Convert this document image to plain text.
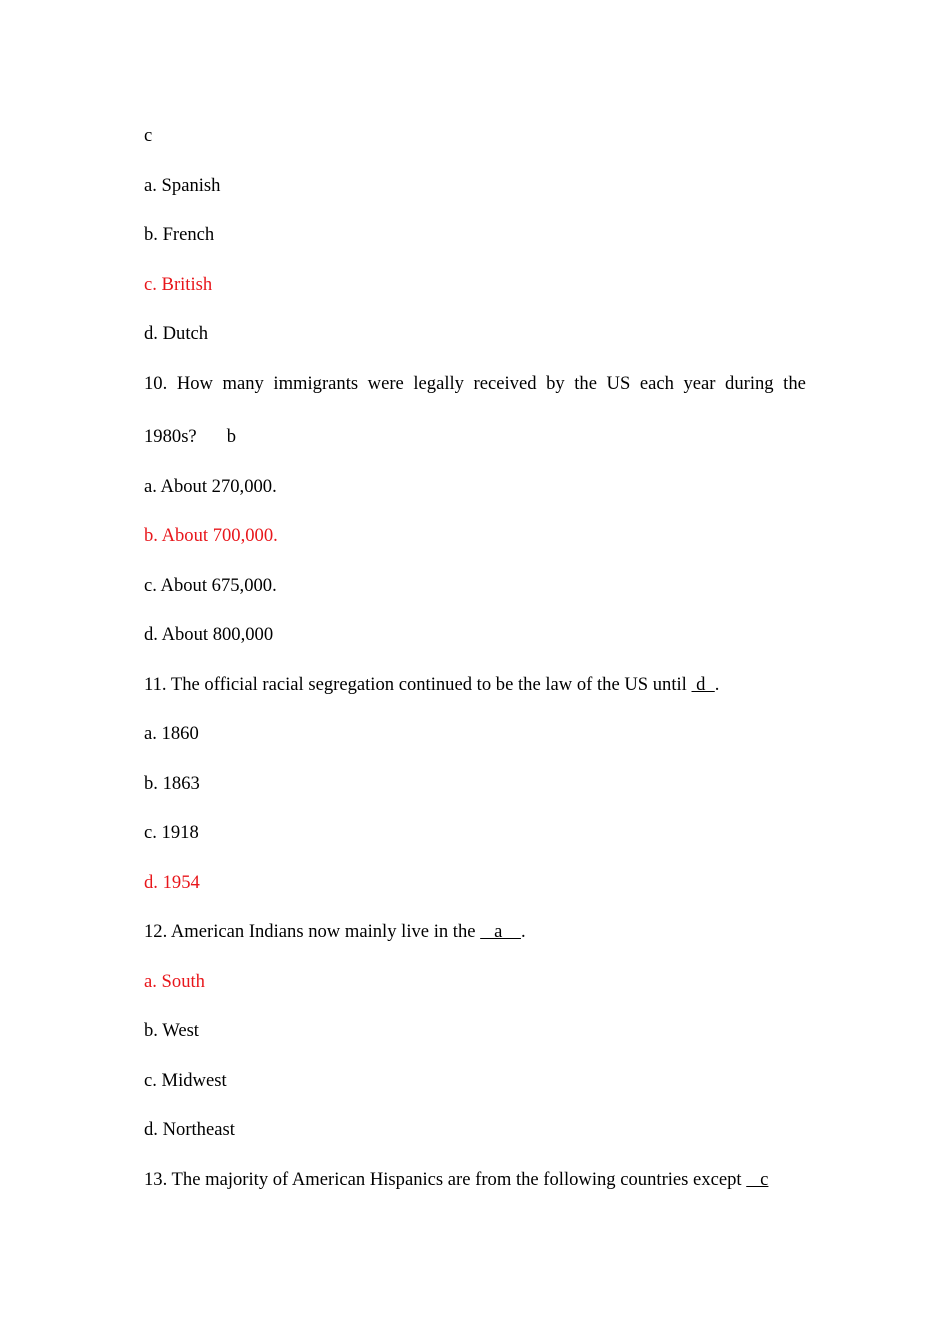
c
a. Spanish
b. French
c. British
d. Dutch
10. How many immigrants were legally received by the US each year during the
1980s? b
a. About 270,000.
b. About 700,000.
c. About 675,000.
d. About 800,000
11. The official racial segregation continued to be the law of the US until  d  .
a. 1860
b. 1863
c. 1918
d. 1954
12. American Indians now mainly live in the    a    .
a. South
b. West
c. Midwest
d. Northeast
13. The majority of American Hispanics are from the following countries except    c
